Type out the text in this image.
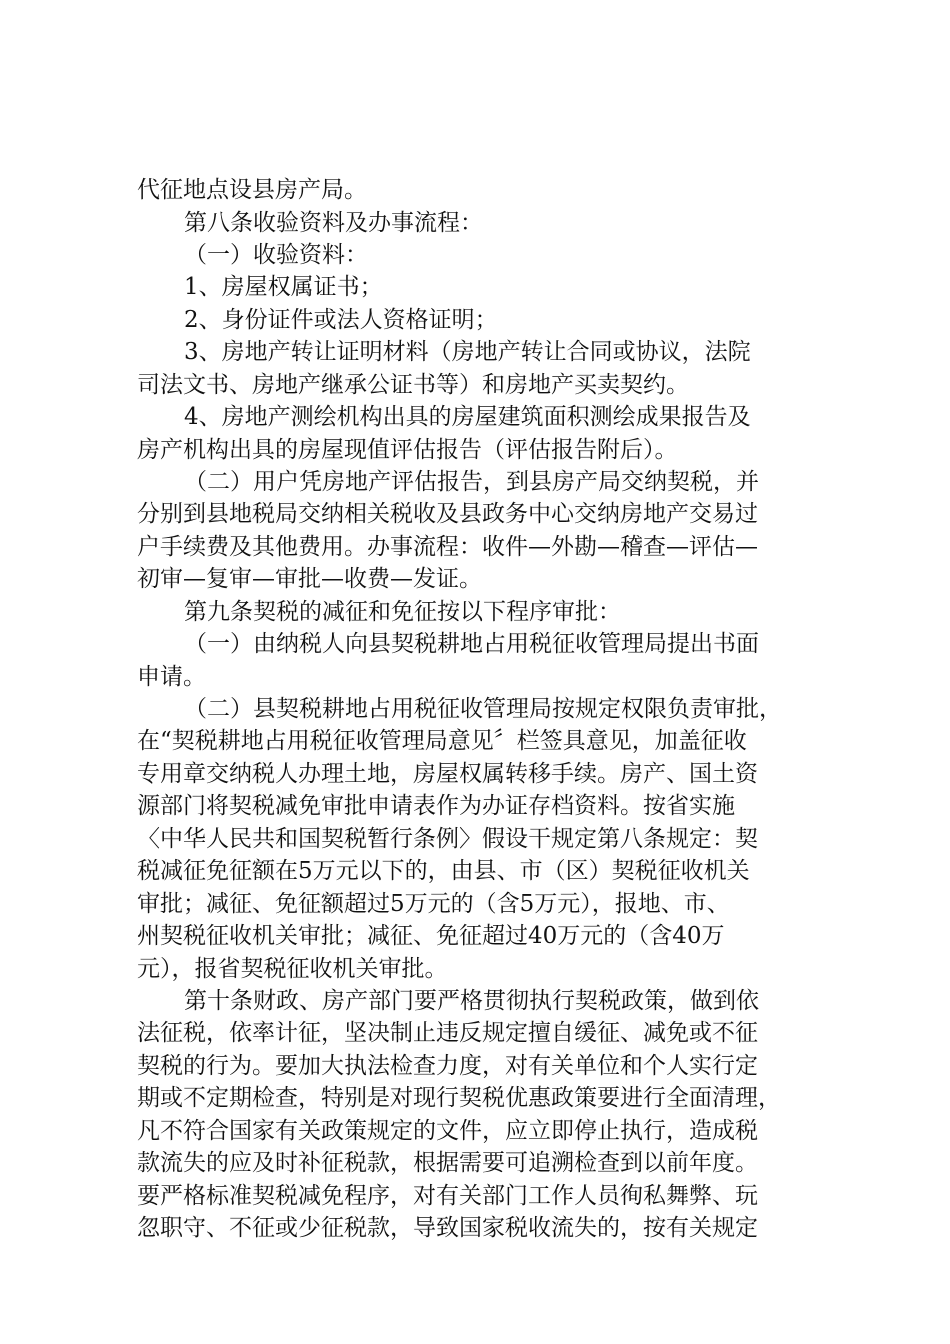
代征地点设县房产局。
第八条收验资料及办事流程：
（一）收验资料：
1、房屋权属证书；
2、身份证件或法人资格证明；
3、房地产转让证明材料（房地产转让合同或协议，法院
司法文书、房地产继承公证书等）和房地产买卖契约。
4、房地产测绘机构出具的房屋建筑面积测绘成果报告及
房产机构出具的房屋现值评估报告（评估报告附后）。
（二）用户凭房地产评估报告，到县房产局交纳契税，并
分别到县地税局交纳相关税收及县政务中心交纳房地产交易过
户手续费及其他费用。办事流程：收件—外勘—稽查—评估—
初审—复审—审批—收费—发证。
第九条契税的减征和免征按以下程序审批：
（一）由纳税人向县契税耕地占用税征收管理局提出书面
申请。
（二）县契税耕地占用税征收管理局按规定权限负责审批，
在“契税耕地占用税征收管理局意见〞栏签具意见，加盖征收
专用章交纳税人办理土地，房屋权属转移手续。房产、国土资
源部门将契税减免审批申请表作为办证存档资料。按省实施
〈中华人民共和国契税暂行条例〉假设干规定第八条规定：契
税减征免征额在5万元以下的，由县、市（区）契税征收机关
审批；减征、免征额超过5万元的（含5万元），报地、市、
州契税征收机关审批；减征、免征超过40万元的（含40万
元），报省契税征收机关审批。
第十条财政、房产部门要严格贯彻执行契税政策，做到依
法征税，依率计征，坚决制止违反规定擅自缓征、减免或不征
契税的行为。要加大执法检查力度，对有关单位和个人实行定
期或不定期检查，特别是对现行契税优惠政策要进行全面清理，
凡不符合国家有关政策规定的文件，应立即停止执行，造成税
款流失的应及时补征税款，根据需要可追溯检查到以前年度。
要严格标准契税减免程序，对有关部门工作人员徇私舞弊、玩
忽职守、不征或少征税款，导致国家税收流失的，按有关规定
